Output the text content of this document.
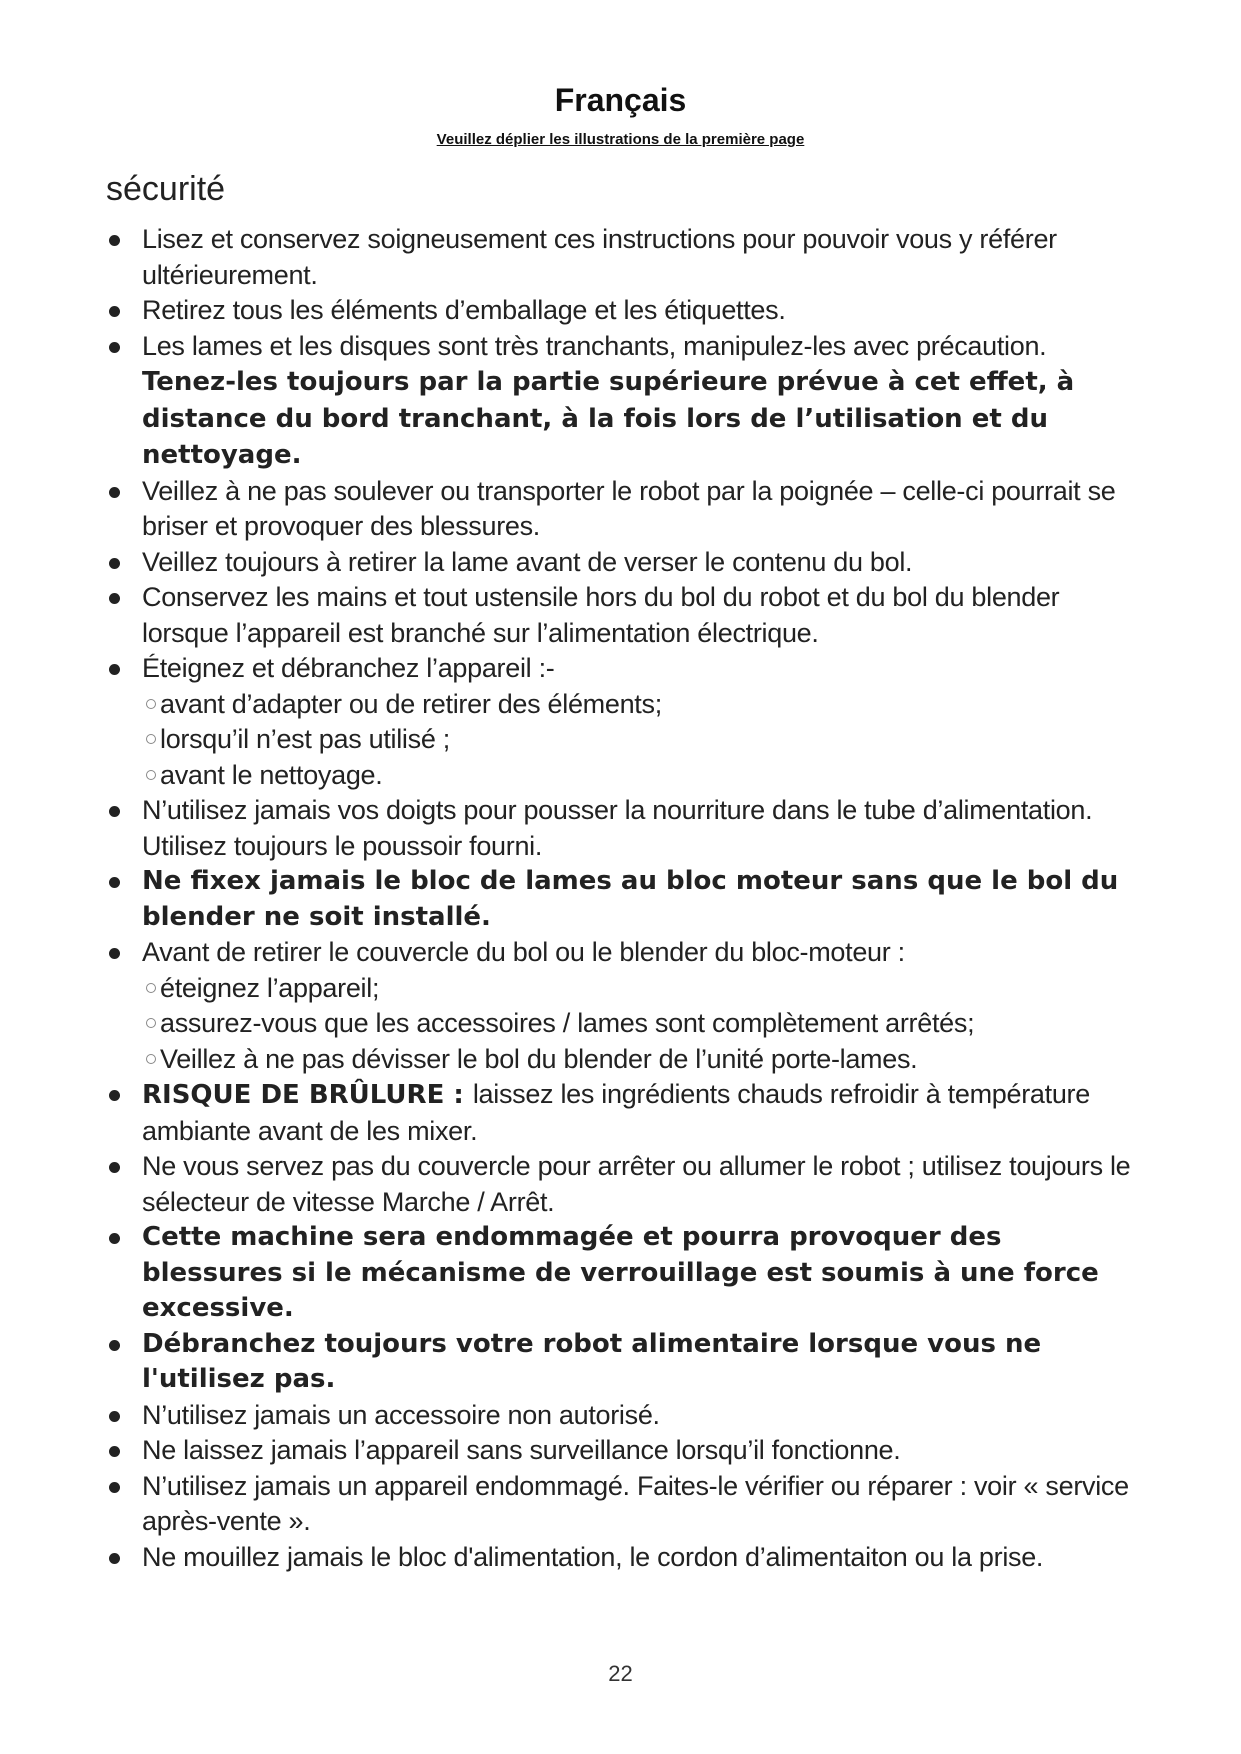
Français
Veuillez déplier les illustrations de la première page
sécurité
Lisez et conservez soigneusement ces instructions pour pouvoir vous y référer ultérieurement.
Retirez tous les éléments d’emballage et les étiquettes.
Les lames et les disques sont très tranchants, manipulez-les avec précaution. Tenez-les toujours par la partie supérieure prévue à cet effet, à distance du bord tranchant, à la fois lors de l’utilisation et du nettoyage.
Veillez à ne pas soulever ou transporter le robot par la poignée – celle-ci pourrait se briser et provoquer des blessures.
Veillez toujours à retirer la lame avant de verser le contenu du bol.
Conservez les mains et tout ustensile hors du bol du robot et du bol du blender lorsque l’appareil est branché sur l’alimentation électrique.
Éteignez et débranchez l’appareil :-
avant d’adapter ou de retirer des éléments;
lorsqu’il n’est pas utilisé ;
avant le nettoyage.
N’utilisez jamais vos doigts pour pousser la nourriture dans le tube d’alimentation. Utilisez toujours le poussoir fourni.
Ne fixex jamais le bloc de lames au bloc moteur sans que le bol du blender ne soit installé.
Avant de retirer le couvercle du bol ou le blender du bloc-moteur :
éteignez l’appareil;
assurez-vous que les accessoires / lames sont complètement arrêtés;
Veillez à ne pas dévisser le bol du blender de l’unité porte-lames.
RISQUE DE BRÛLURE : laissez les ingrédients chauds refroidir à température ambiante avant de les mixer.
Ne vous servez pas du couvercle pour arrêter ou allumer le robot ; utilisez toujours le sélecteur de vitesse Marche / Arrêt.
Cette machine sera endommagée et pourra provoquer des blessures si le mécanisme de verrouillage est soumis à une force excessive.
Débranchez toujours votre robot alimentaire lorsque vous ne l'utilisez pas.
N’utilisez jamais un accessoire non autorisé.
Ne laissez jamais l’appareil sans surveillance lorsqu’il fonctionne.
N’utilisez jamais un appareil endommagé. Faites-le vérifier ou réparer : voir « service après-vente ».
Ne mouillez jamais le bloc d'alimentation, le cordon d’alimentaiton ou la prise.
22
